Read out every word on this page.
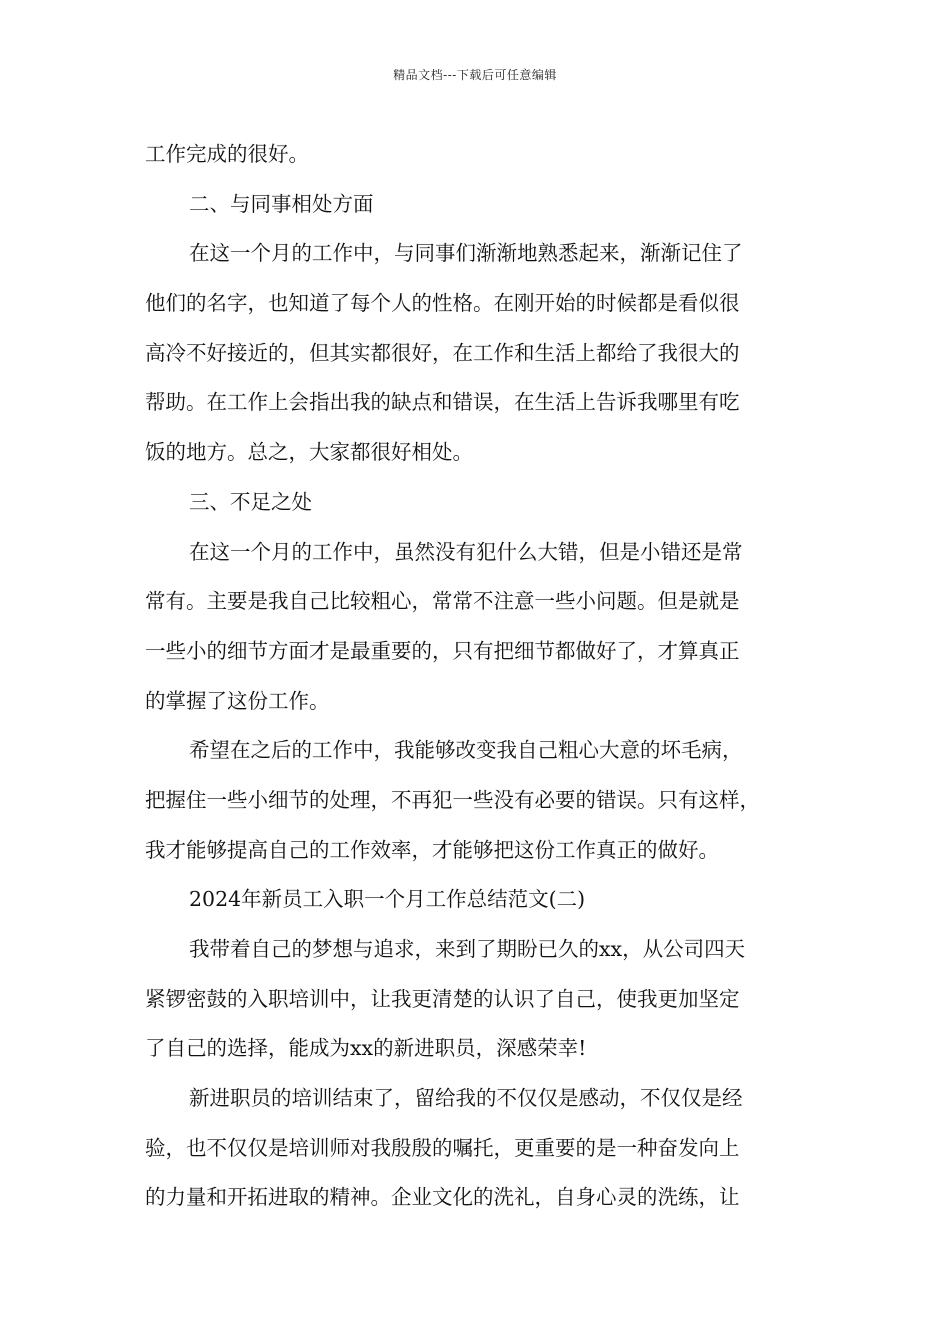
精品文档---下载后可任意编辑
工作完成的很好。
二、与同事相处方面
在这一个月的工作中，与同事们渐渐地熟悉起来，渐渐记住了
他们的名字，也知道了每个人的性格。在刚开始的时候都是看似很
高冷不好接近的，但其实都很好，在工作和生活上都给了我很大的
帮助。在工作上会指出我的缺点和错误，在生活上告诉我哪里有吃
饭的地方。总之，大家都很好相处。
三、不足之处
在这一个月的工作中，虽然没有犯什么大错，但是小错还是常
常有。主要是我自己比较粗心，常常不注意一些小问题。但是就是
一些小的细节方面才是最重要的，只有把细节都做好了，才算真正
的掌握了这份工作。
希望在之后的工作中，我能够改变我自己粗心大意的坏毛病，
把握住一些小细节的处理，不再犯一些没有必要的错误。只有这样，
我才能够提高自己的工作效率，才能够把这份工作真正的做好。
2024年新员工入职一个月工作总结范文(二)
我带着自己的梦想与追求，来到了期盼已久的xx，从公司四天
紧锣密鼓的入职培训中，让我更清楚的认识了自己，使我更加坚定
了自己的选择，能成为xx的新进职员，深感荣幸!
新进职员的培训结束了，留给我的不仅仅是感动，不仅仅是经
验，也不仅仅是培训师对我殷殷的嘱托，更重要的是一种奋发向上
的力量和开拓进取的精神。企业文化的洗礼，自身心灵的洗练，让
